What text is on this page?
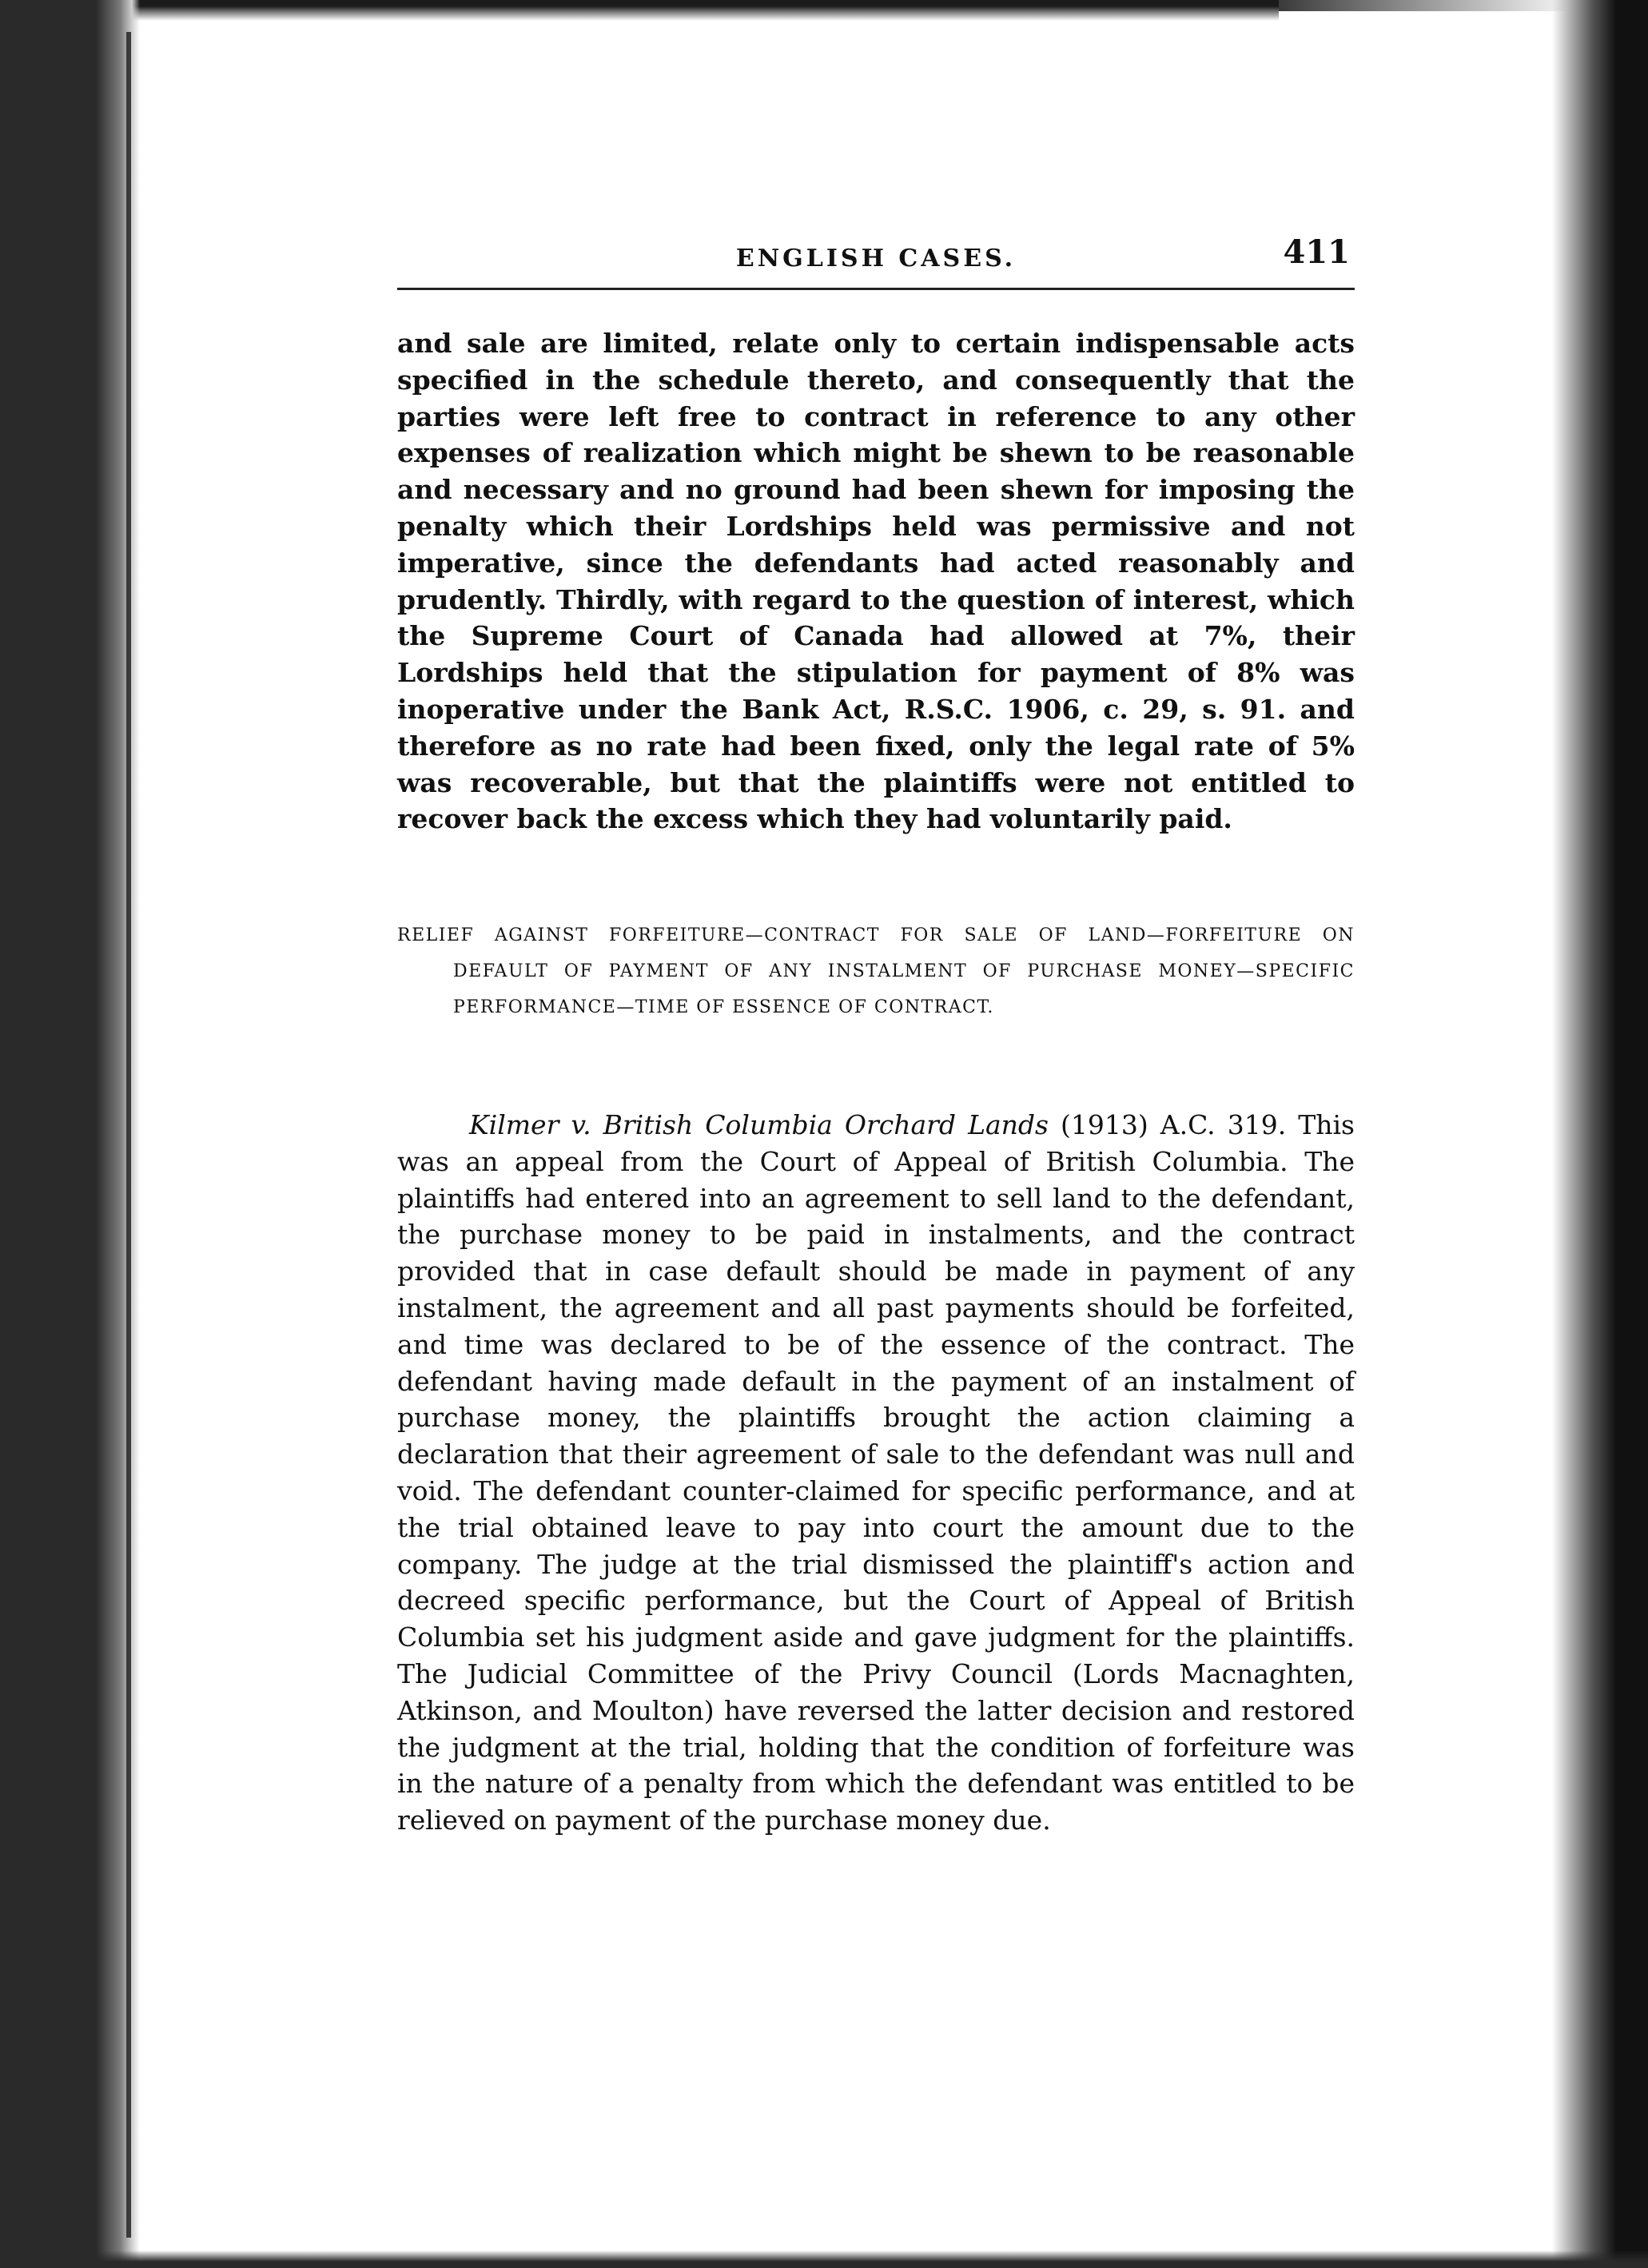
ENGLISH CASES.	411

and sale are limited, relate only to certain indispensable acts specified in the schedule thereto, and consequently that the parties were left free to contract in reference to any other expenses of realization which might be shewn to be reasonable and necessary and no ground had been shewn for imposing the penalty which their Lordships held was permissive and not imperative, since the defendants had acted reasonably and prudently. Thirdly, with regard to the question of interest, which the Supreme Court of Canada had allowed at 7%, their Lordships held that the stipulation for payment of 8% was inoperative under the Bank Act, R.S.C. 1906, c. 29, s. 91. and therefore as no rate had been fixed, only the legal rate of 5% was recoverable, but that the plaintiffs were not entitled to recover back the excess which they had voluntarily paid.

RELIEF AGAINST FORFEITURE—CONTRACT FOR SALE OF LAND—FORFEITURE ON DEFAULT OF PAYMENT OF ANY INSTALMENT OF PURCHASE MONEY—SPECIFIC PERFORMANCE—TIME OF ESSENCE OF CONTRACT.

Kilmer v. British Columbia Orchard Lands (1913) A.C. 319. This was an appeal from the Court of Appeal of British Columbia. The plaintiffs had entered into an agreement to sell land to the defendant, the purchase money to be paid in instalments, and the contract provided that in case default should be made in payment of any instalment, the agreement and all past payments should be forfeited, and time was declared to be of the essence of the contract. The defendant having made default in the payment of an instalment of purchase money, the plaintiffs brought the action claiming a declaration that their agreement of sale to the defendant was null and void. The defendant counter-claimed for specific performance, and at the trial obtained leave to pay into court the amount due to the company. The judge at the trial dismissed the plaintiff's action and decreed specific performance, but the Court of Appeal of British Columbia set his judgment aside and gave judgment for the plaintiffs. The Judicial Committee of the Privy Council (Lords Macnaghten, Atkinson, and Moulton) have reversed the latter decision and restored the judgment at the trial, holding that the condition of forfeiture was in the nature of a penalty from which the defendant was entitled to be relieved on payment of the purchase money due.
